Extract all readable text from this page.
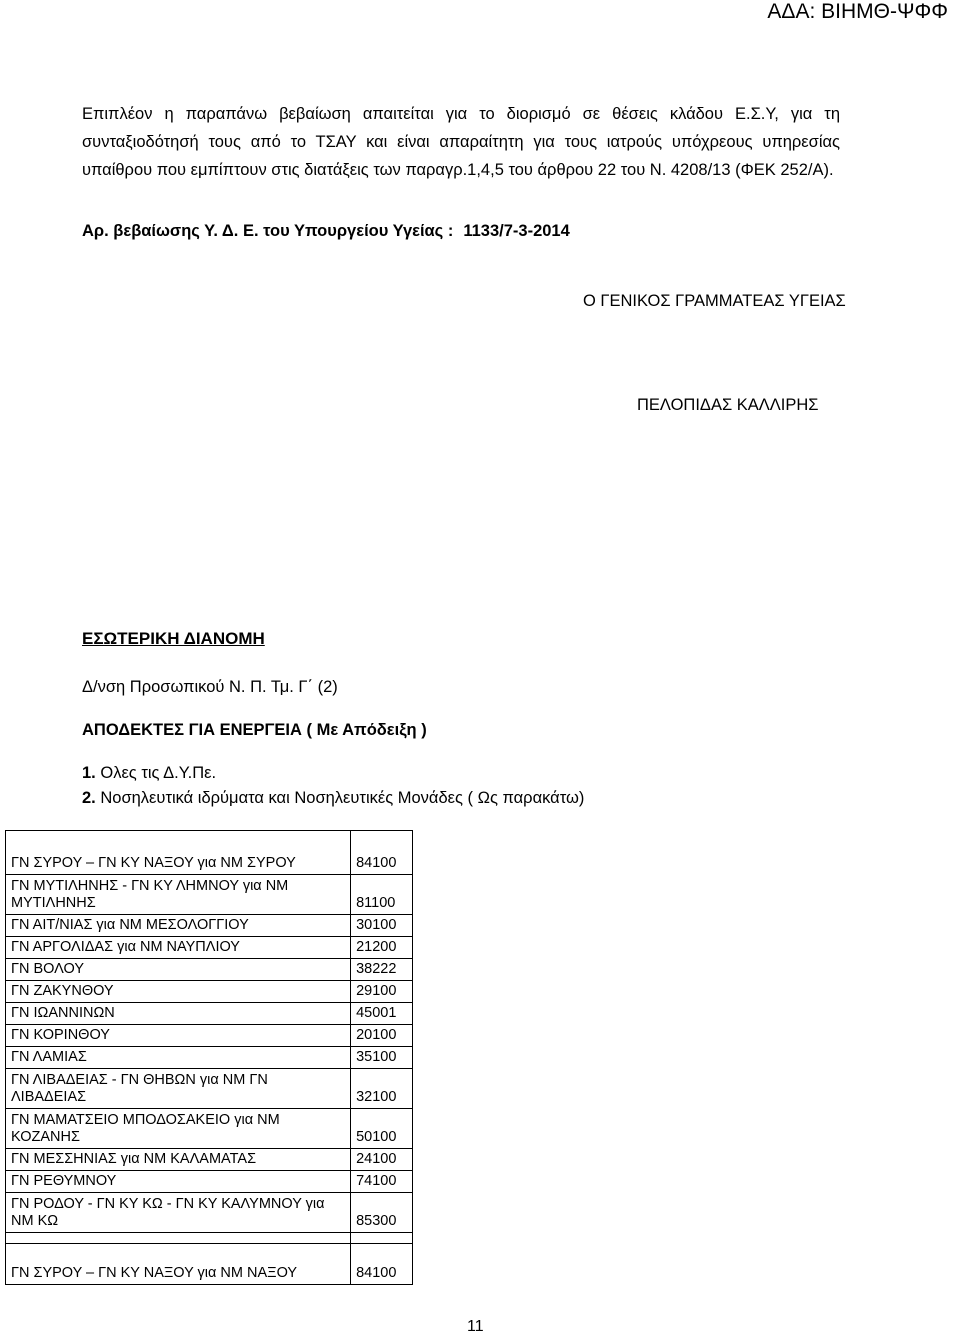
ΑΔΑ: ΒΙΗΜΘ-ΨΦΦ

Επιπλέον η παραπάνω βεβαίωση απαιτείται για το διορισμό σε θέσεις κλάδου Ε.Σ.Υ, για τη συνταξιοδότησή τους από το ΤΣΑΥ και είναι απαραίτητη για τους ιατρούς υπόχρεους υπηρεσίας υπαίθρου που εμπίπτουν στις διατάξεις των παραγρ.1,4,5 του άρθρου 22 του Ν. 4208/13 (ΦΕΚ 252/Α).

Αρ. βεβαίωσης Υ. Δ. Ε. του Υπουργείου Υγείας : 1133/7-3-2014
Ο ΓΕΝΙΚΟΣ ΓΡΑΜΜΑΤΕΑΣ ΥΓΕΙΑΣ
ΠΕΛΟΠΙΔΑΣ ΚΑΛΛΙΡΗΣ
ΕΣΩΤΕΡΙΚΗ ΔΙΑΝΟΜΗ
Δ/νση Προσωπικού Ν. Π. Τμ. Γ΄ (2)
ΑΠΟΔΕΚΤΕΣ ΓΙΑ ΕΝΕΡΓΕΙΑ ( Με Απόδειξη )
1. Ολες τις Δ.Υ.Πε.
2. Νοσηλευτικά ιδρύματα και Νοσηλευτικές Μονάδες ( Ως παρακάτω)
ΓΝ ΣΥΡΟΥ – ΓΝ ΚΥ ΝΑΞΟΥ για ΝΜ ΣΥΡΟΥ	84100
ΓΝ ΜΥΤΙΛΗΝΗΣ - ΓΝ ΚΥ ΛΗΜΝΟΥ για ΝΜ ΜΥΤΙΛΗΝΗΣ	81100
ΓΝ ΑΙΤ/ΝΙΑΣ για ΝΜ ΜΕΣΟΛΟΓΓΙΟΥ	30100
ΓΝ ΑΡΓΟΛΙΔΑΣ για ΝΜ ΝΑΥΠΛΙΟΥ	21200
ΓΝ ΒΟΛΟΥ	38222
ΓΝ ΖΑΚΥΝΘΟΥ	29100
ΓΝ ΙΩΑΝΝΙΝΩΝ	45001
ΓΝ ΚΟΡΙΝΘΟΥ	20100
ΓΝ ΛΑΜΙΑΣ	35100
ΓΝ ΛΙΒΑΔΕΙΑΣ - ΓΝ ΘΗΒΩΝ για ΝΜ ΓΝ ΛΙΒΑΔΕΙΑΣ	32100
ΓΝ ΜΑΜΑΤΣΕΙΟ ΜΠΟΔΟΣΑΚΕΙΟ για ΝΜ ΚΟΖΑΝΗΣ	50100
ΓΝ ΜΕΣΣΗΝΙΑΣ για ΝΜ ΚΑΛΑΜΑΤΑΣ	24100
ΓΝ ΡΕΘΥΜΝΟΥ	74100
ΓΝ ΡΟΔΟΥ - ΓΝ ΚΥ ΚΩ - ΓΝ ΚΥ ΚΑΛΥΜΝΟΥ για ΝΜ ΚΩ	85300

ΓΝ ΣΥΡΟΥ – ΓΝ ΚΥ ΝΑΞΟΥ για ΝΜ ΝΑΞΟΥ	84100
11
